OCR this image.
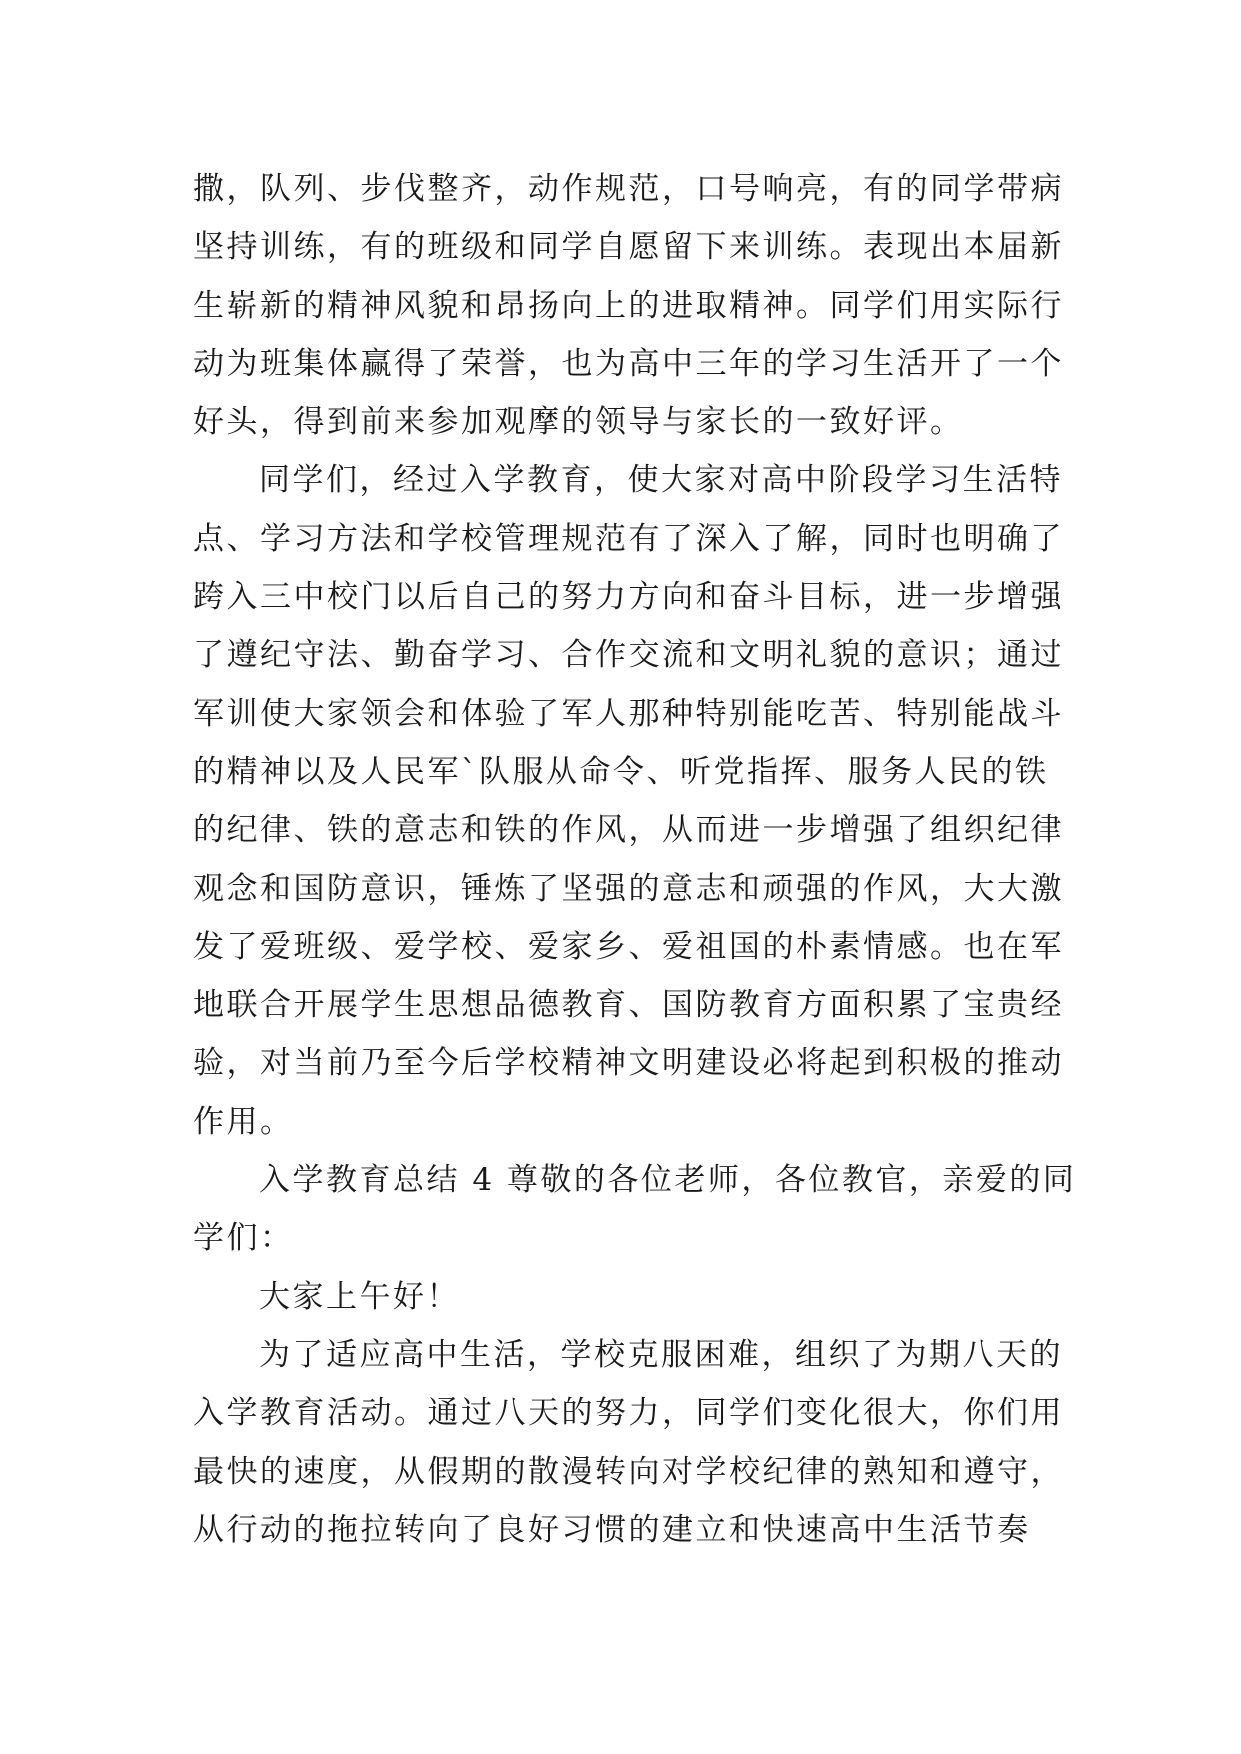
撒，队列、步伐整齐，动作规范，口号响亮，有的同学带病
坚持训练，有的班级和同学自愿留下来训练。表现出本届新
生崭新的精神风貌和昂扬向上的进取精神。同学们用实际行
动为班集体赢得了荣誉，也为高中三年的学习生活开了一个
好头，得到前来参加观摩的领导与家长的一致好评。
同学们，经过入学教育，使大家对高中阶段学习生活特
点、学习方法和学校管理规范有了深入了解，同时也明确了
跨入三中校门以后自己的努力方向和奋斗目标，进一步增强
了遵纪守法、勤奋学习、合作交流和文明礼貌的意识；通过
军训使大家领会和体验了军人那种特别能吃苦、特别能战斗
的精神以及人民军`队服从命令、听党指挥、服务人民的铁
的纪律、铁的意志和铁的作风，从而进一步增强了组织纪律
观念和国防意识，锤炼了坚强的意志和顽强的作风，大大激
发了爱班级、爱学校、爱家乡、爱祖国的朴素情感。也在军
地联合开展学生思想品德教育、国防教育方面积累了宝贵经
验，对当前乃至今后学校精神文明建设必将起到积极的推动
作用。
入学教育总结 4 尊敬的各位老师，各位教官，亲爱的同
学们：
大家上午好！
为了适应高中生活，学校克服困难，组织了为期八天的
入学教育活动。通过八天的努力，同学们变化很大，你们用
最快的速度，从假期的散漫转向对学校纪律的熟知和遵守，
从行动的拖拉转向了良好习惯的建立和快速高中生活节奏
